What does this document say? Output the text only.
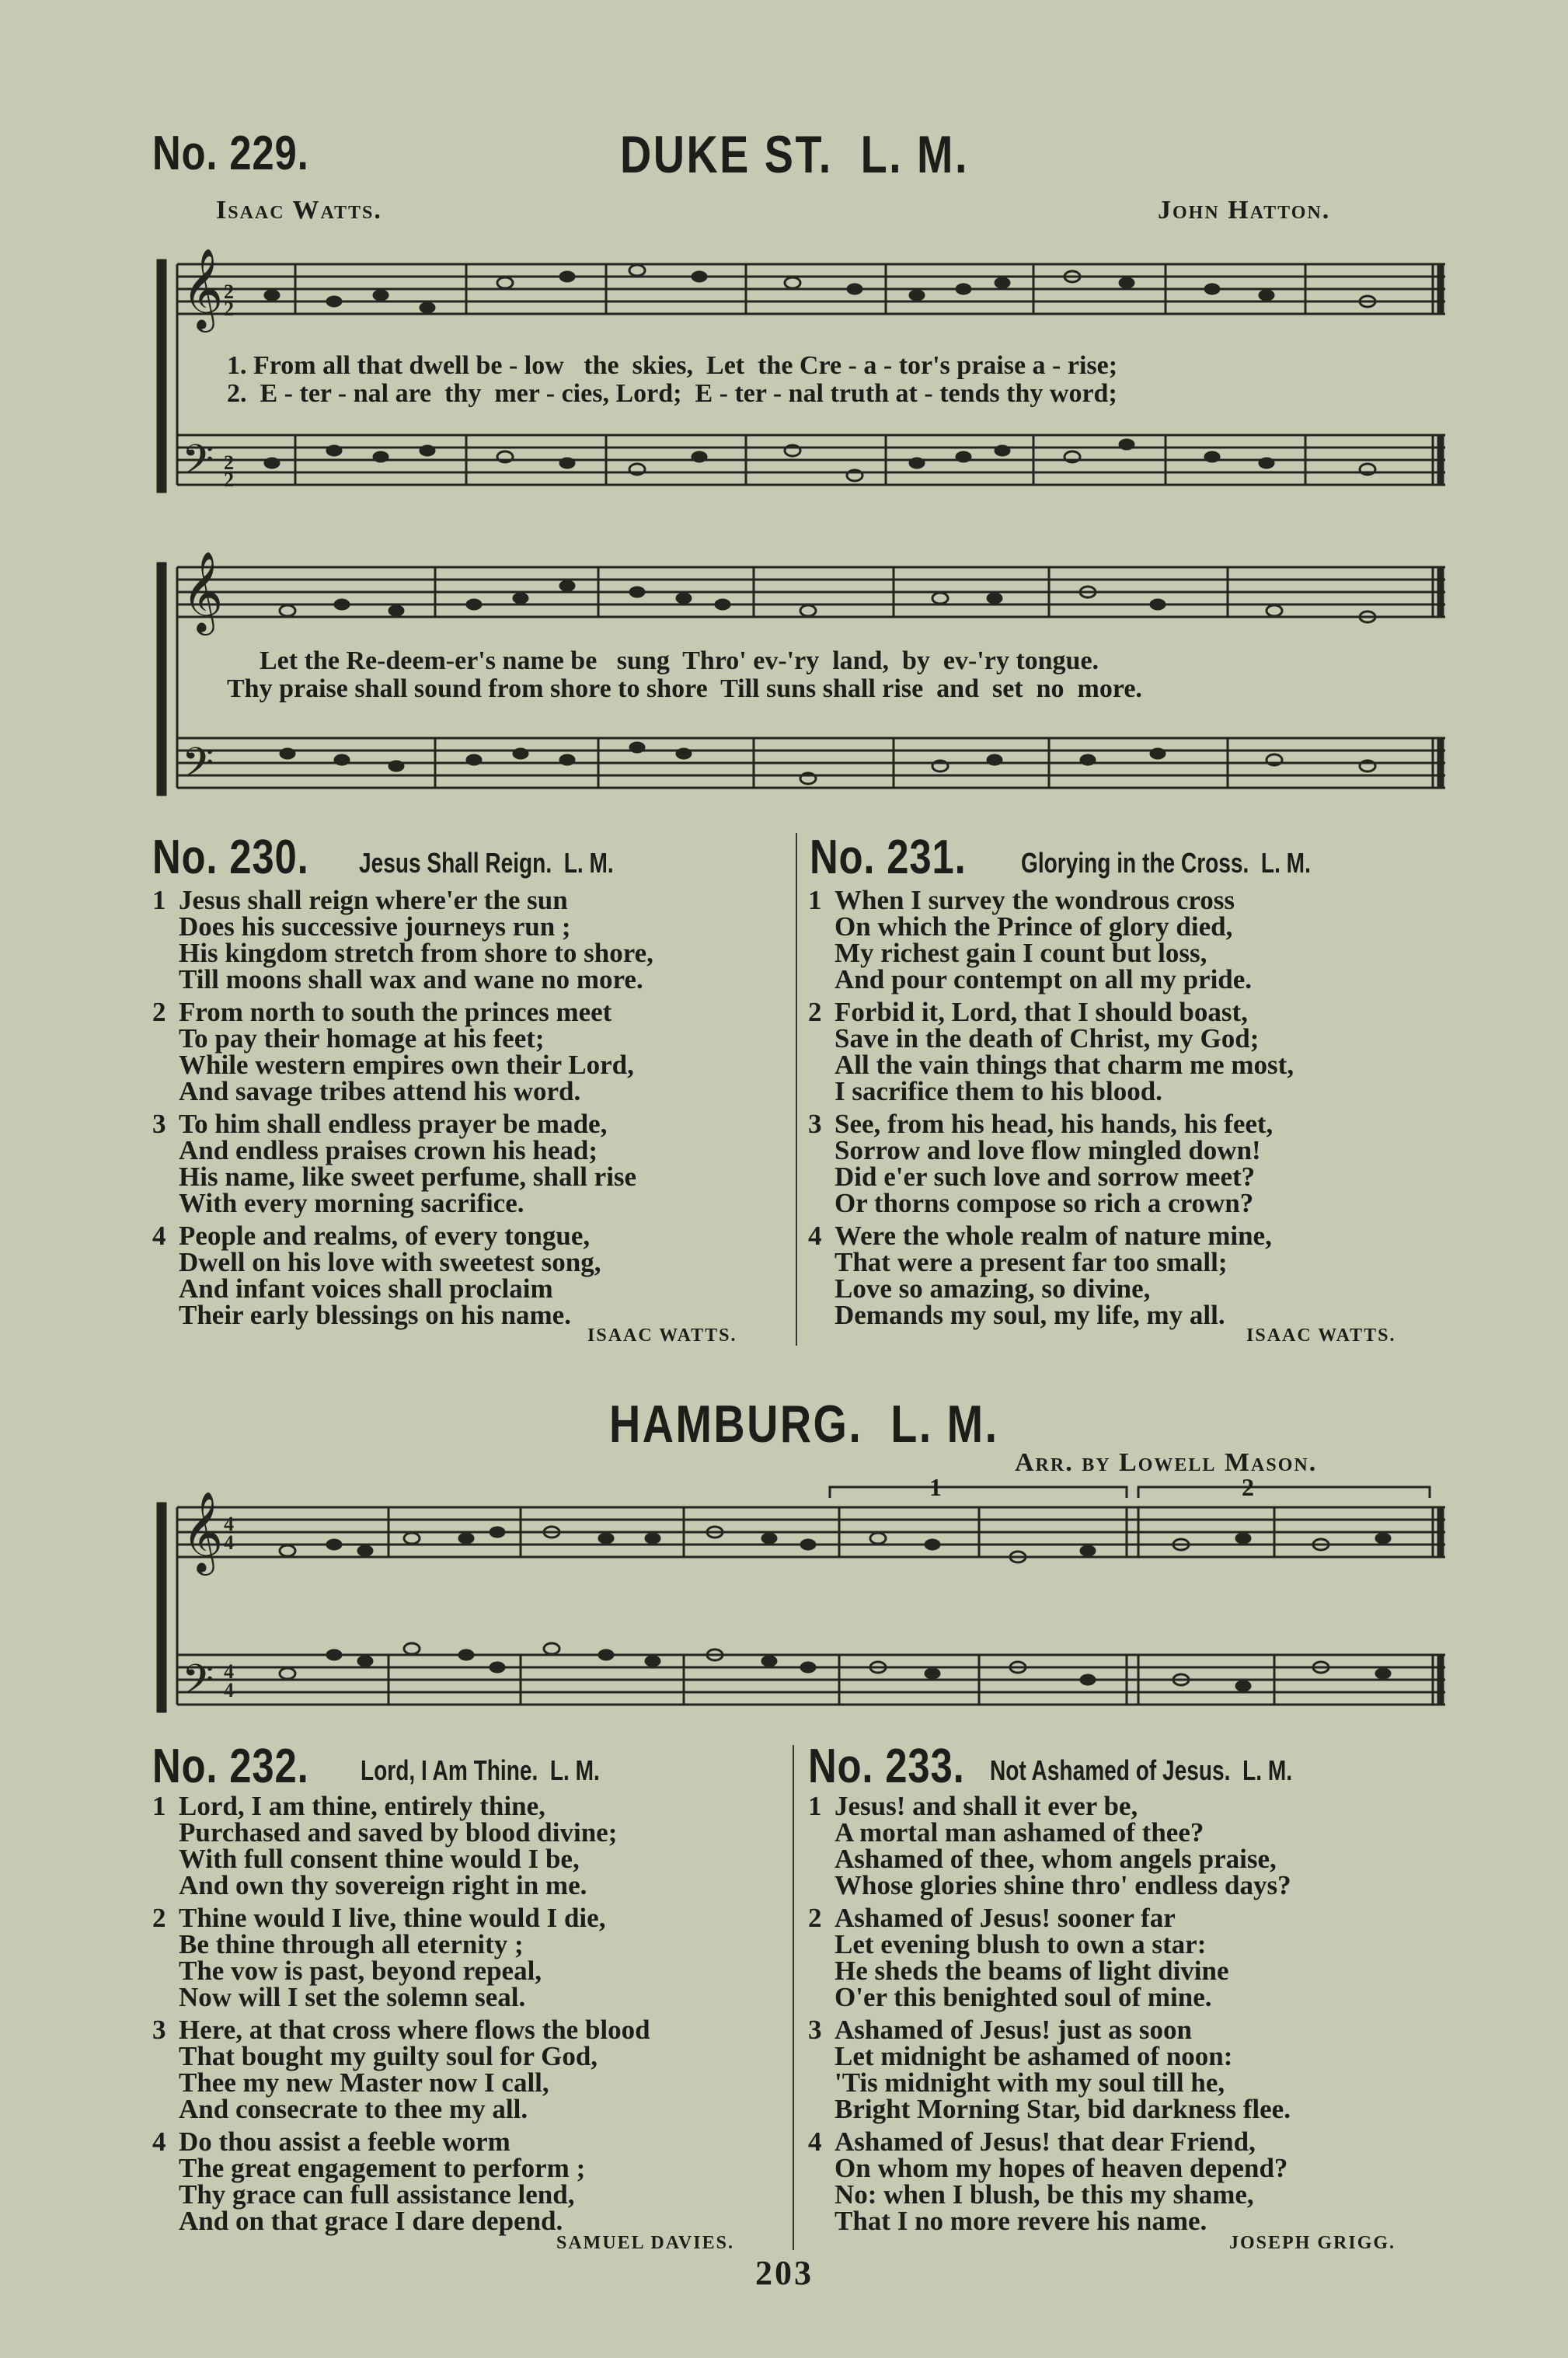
No. 229.	DUKE ST.  L. M.
Isaac Watts.	John Hatton.
𝄞
𝄢
2
2
2
2
1. From all that dwell be - low   the  skies,  Let  the Cre - a - tor's praise a - rise;
2.  E - ter - nal are  thy  mer - cies, Lord;  E - ter - nal truth at - tends thy word;
𝄞
𝄢
Let the Re-deem-er's name be   sung  Thro' ev-'ry  land,  by  ev-'ry tongue.
Thy praise shall sound from shore to shore  Till suns shall rise  and  set  no  more.
No. 230. Jesus Shall Reign.  L. M.
1 Jesus shall reign where'er the sun
Does his successive journeys run ;
His kingdom stretch from shore to shore,
Till moons shall wax and wane no more.
2 From north to south the princes meet
To pay their homage at his feet;
While western empires own their Lord,
And savage tribes attend his word.
3 To him shall endless prayer be made,
And endless praises crown his head;
His name, like sweet perfume, shall rise
With every morning sacrifice.
4 People and realms, of every tongue,
Dwell on his love with sweetest song,
And infant voices shall proclaim
Their early blessings on his name.
ISAAC WATTS.
No. 231. Glorying in the Cross.  L. M.
1 When I survey the wondrous cross
On which the Prince of glory died,
My richest gain I count but loss,
And pour contempt on all my pride.
2 Forbid it, Lord, that I should boast,
Save in the death of Christ, my God;
All the vain things that charm me most,
I sacrifice them to his blood.
3 See, from his head, his hands, his feet,
Sorrow and love flow mingled down!
Did e'er such love and sorrow meet?
Or thorns compose so rich a crown?
4 Were the whole realm of nature mine,
That were a present far too small;
Love so amazing, so divine,
Demands my soul, my life, my all.
ISAAC WATTS.
HAMBURG.  L. M.
Arr. by Lowell Mason.
𝄞
𝄢
4
4
4
4
1	2
No. 232. Lord, I Am Thine.  L. M.
1 Lord, I am thine, entirely thine,
Purchased and saved by blood divine;
With full consent thine would I be,
And own thy sovereign right in me.
2 Thine would I live, thine would I die,
Be thine through all eternity ;
The vow is past, beyond repeal,
Now will I set the solemn seal.
3 Here, at that cross where flows the blood
That bought my guilty soul for God,
Thee my new Master now I call,
And consecrate to thee my all.
4 Do thou assist a feeble worm
The great engagement to perform ;
Thy grace can full assistance lend,
And on that grace I dare depend.
SAMUEL DAVIES.
No. 233. Not Ashamed of Jesus.  L. M.
1 Jesus! and shall it ever be,
A mortal man ashamed of thee?
Ashamed of thee, whom angels praise,
Whose glories shine thro' endless days?
2 Ashamed of Jesus! sooner far
Let evening blush to own a star:
He sheds the beams of light divine
O'er this benighted soul of mine.
3 Ashamed of Jesus! just as soon
Let midnight be ashamed of noon:
'Tis midnight with my soul till he,
Bright Morning Star, bid darkness flee.
4 Ashamed of Jesus! that dear Friend,
On whom my hopes of heaven depend?
No: when I blush, be this my shame,
That I no more revere his name.
JOSEPH GRIGG.
203
